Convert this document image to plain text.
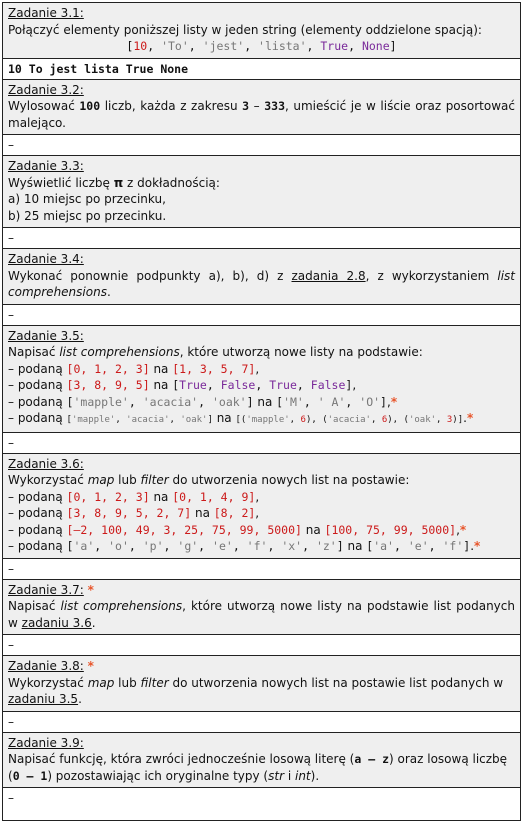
Zadanie 3.1:
Połączyć elementy poniższej listy w jeden string (elementy oddzielone spacją):
[10, 'To', 'jest', 'lista', True, None]
10 To jest lista True None
Zadanie 3.2:
Wylosować 100 liczb, każda z zakresu 3 – 333, umieścić je w liście oraz posortować malejąco.
–
Zadanie 3.3:
Wyświetlić liczbę π z dokładnością:
a) 10 miejsc po przecinku,
b) 25 miejsc po przecinku.
–
Zadanie 3.4:
Wykonać ponownie podpunkty a), b), d) z zadania 2.8, z wykorzystaniem list comprehensions.
–
Zadanie 3.5:
Napisać list comprehensions, które utworzą nowe listy na podstawie:
– podaną [0, 1, 2, 3] na [1, 3, 5, 7],
– podaną [3, 8, 9, 5] na [True, False, True, False],
– podaną ['mapple', 'acacia', 'oak'] na ['M', ' A', 'O'],*
– podaną ['mapple', 'acacia', 'oak'] na [('mapple', 6), ('acacia', 6), ('oak', 3)].*
–
Zadanie 3.6:
Wykorzystać map lub filter do utworzenia nowych list na postawie:
– podaną [0, 1, 2, 3] na [0, 1, 4, 9],
– podaną [3, 8, 9, 5, 2, 7] na [8, 2],
– podaną [–2, 100, 49, 3, 25, 75, 99, 5000] na [100, 75, 99, 5000],*
– podaną ['a', 'o', 'p', 'g', 'e', 'f', 'x', 'z'] na ['a', 'e', 'f'].*
–
Zadanie 3.7: *
Napisać list comprehensions, które utworzą nowe listy na podstawie list podanych w zadaniu 3.6.
–
Zadanie 3.8: *
Wykorzystać map lub filter do utworzenia nowych list na postawie list podanych w zadaniu 3.5.
–
Zadanie 3.9:
Napisać funkcję, która zwróci jednocześnie losową literę (a – z) oraz losową liczbę (0 – 1) pozostawiając ich oryginalne typy (str i int).
–
